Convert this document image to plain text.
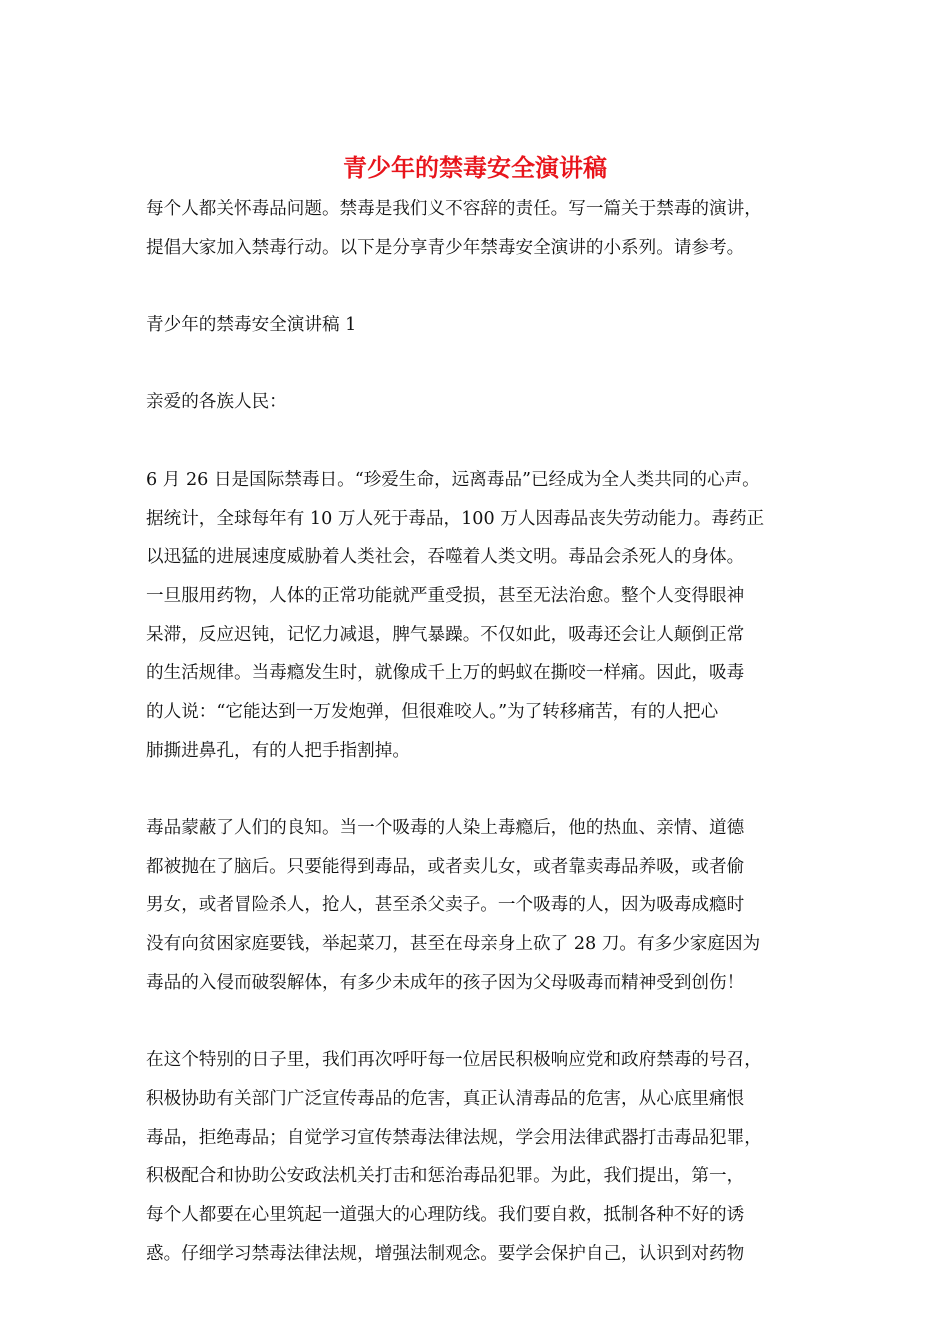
青少年的禁毒安全演讲稿
每个人都关怀毒品问题。禁毒是我们义不容辞的责任。写一篇关于禁毒的演讲，
提倡大家加入禁毒行动。以下是分享青少年禁毒安全演讲的小系列。请参考。
青少年的禁毒安全演讲稿 1
亲爱的各族人民：
6 月 26 日是国际禁毒日。“珍爱生命，远离毒品”已经成为全人类共同的心声。
据统计，全球每年有 10 万人死于毒品，100 万人因毒品丧失劳动能力。毒药正
以迅猛的进展速度威胁着人类社会，吞噬着人类文明。毒品会杀死人的身体。
一旦服用药物，人体的正常功能就严重受损，甚至无法治愈。整个人变得眼神
呆滞，反应迟钝，记忆力减退，脾气暴躁。不仅如此，吸毒还会让人颠倒正常
的生活规律。当毒瘾发生时，就像成千上万的蚂蚁在撕咬一样痛。因此，吸毒
的人说：“它能达到一万发炮弹，但很难咬人。”为了转移痛苦，有的人把心
肺撕进鼻孔，有的人把手指割掉。
毒品蒙蔽了人们的良知。当一个吸毒的人染上毒瘾后，他的热血、亲情、道德
都被抛在了脑后。只要能得到毒品，或者卖儿女，或者靠卖毒品养吸，或者偷
男女，或者冒险杀人，抢人，甚至杀父卖子。一个吸毒的人，因为吸毒成瘾时
没有向贫困家庭要钱，举起菜刀，甚至在母亲身上砍了 28 刀。有多少家庭因为
毒品的入侵而破裂解体，有多少未成年的孩子因为父母吸毒而精神受到创伤！
在这个特别的日子里，我们再次呼吁每一位居民积极响应党和政府禁毒的号召，
积极协助有关部门广泛宣传毒品的危害，真正认清毒品的危害，从心底里痛恨
毒品，拒绝毒品；自觉学习宣传禁毒法律法规，学会用法律武器打击毒品犯罪，
积极配合和协助公安政法机关打击和惩治毒品犯罪。为此，我们提出，第一，
每个人都要在心里筑起一道强大的心理防线。我们要自救，抵制各种不好的诱
惑。仔细学习禁毒法律法规，增强法制观念。要学会保护自己，认识到对药物
